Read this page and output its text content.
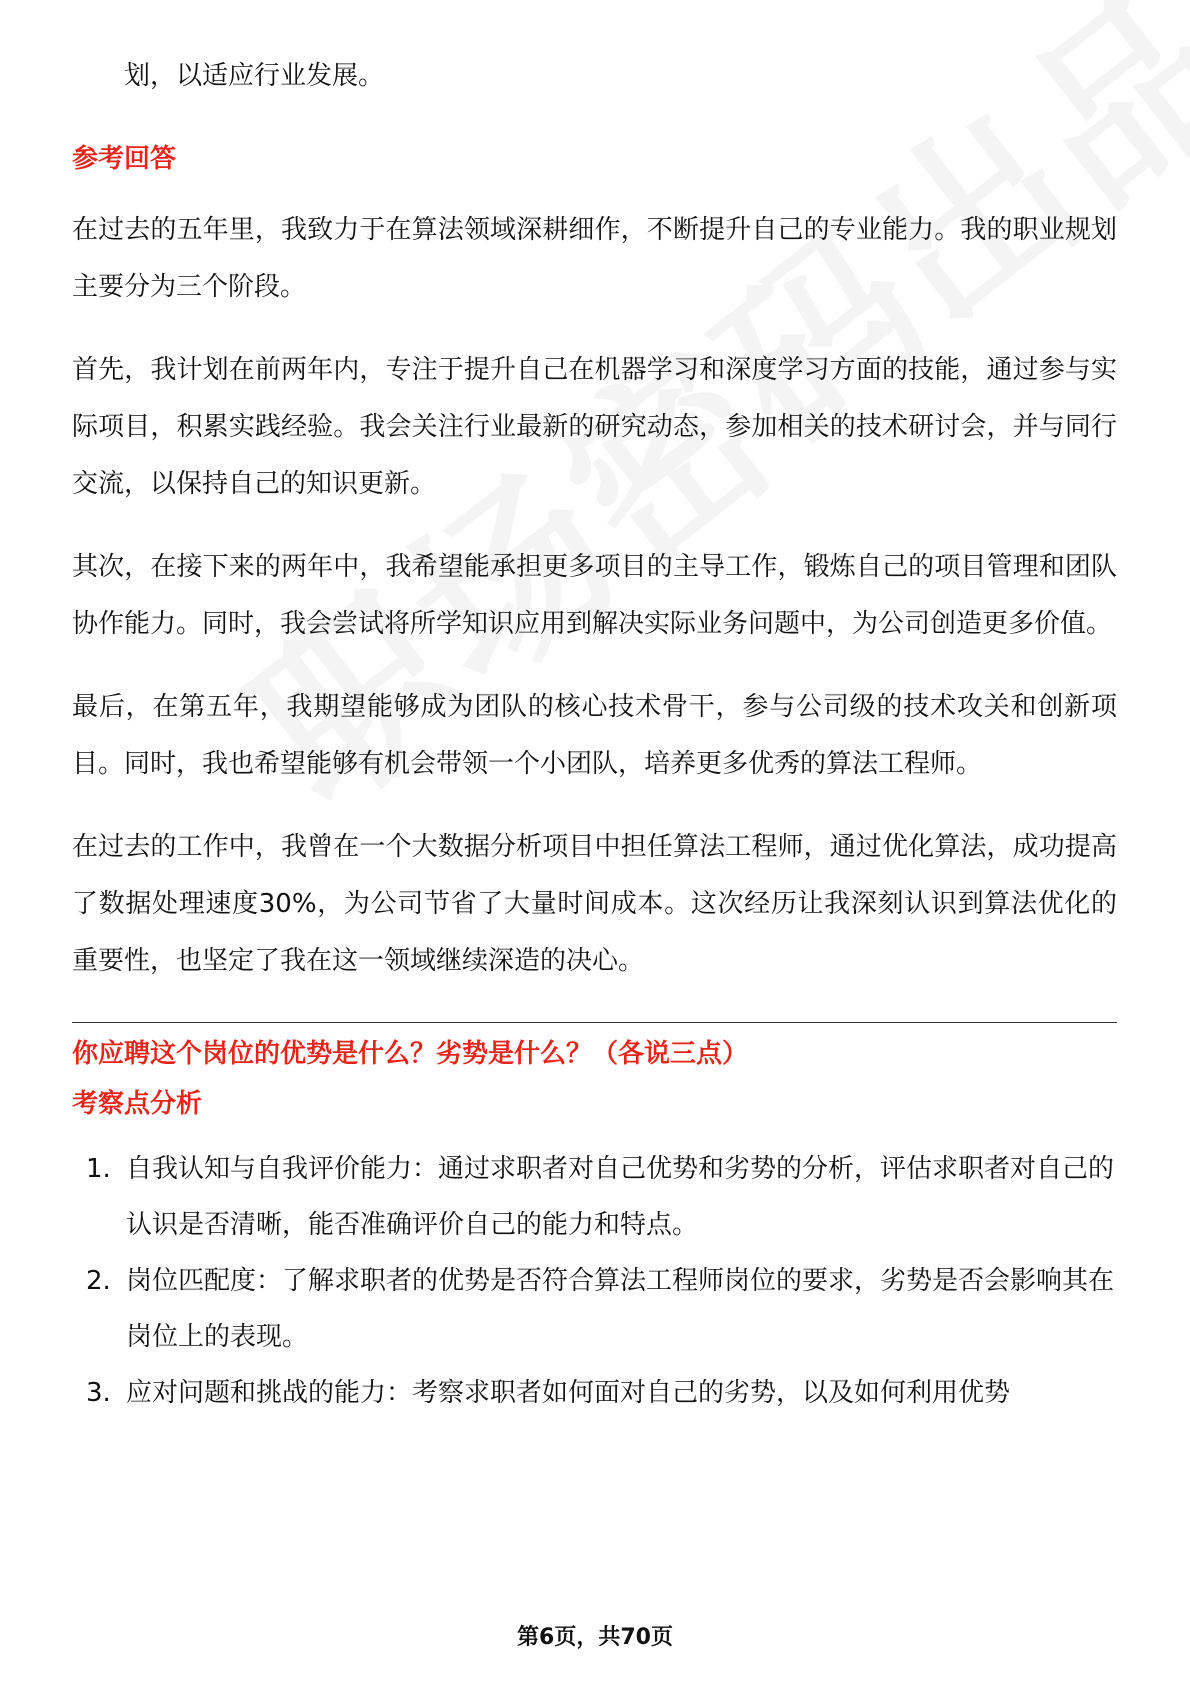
划，以适应行业发展。

参考回答

在过去的五年里，我致力于在算法领域深耕细作，不断提升自己的专业能力。我的职业规划主要分为三个阶段。

首先，我计划在前两年内，专注于提升自己在机器学习和深度学习方面的技能，通过参与实际项目，积累实践经验。我会关注行业最新的研究动态，参加相关的技术研讨会，并与同行交流，以保持自己的知识更新。

其次，在接下来的两年中，我希望能承担更多项目的主导工作，锻炼自己的项目管理和团队协作能力。同时，我会尝试将所学知识应用到解决实际业务问题中，为公司创造更多价值。

最后，在第五年，我期望能够成为团队的核心技术骨干，参与公司级的技术攻关和创新项目。同时，我也希望能够有机会带领一个小团队，培养更多优秀的算法工程师。

在过去的工作中，我曾在一个大数据分析项目中担任算法工程师，通过优化算法，成功提高了数据处理速度30%，为公司节省了大量时间成本。这次经历让我深刻认识到算法优化的重要性，也坚定了我在这一领域继续深造的决心。

你应聘这个岗位的优势是什么？劣势是什么？（各说三点）

考察点分析

1. 自我认知与自我评价能力：通过求职者对自己优势和劣势的分析，评估求职者对自己的认识是否清晰，能否准确评价自己的能力和特点。
2. 岗位匹配度：了解求职者的优势是否符合算法工程师岗位的要求，劣势是否会影响其在岗位上的表现。
3. 应对问题和挑战的能力：考察求职者如何面对自己的劣势，以及如何利用优势
第6页，共70页
